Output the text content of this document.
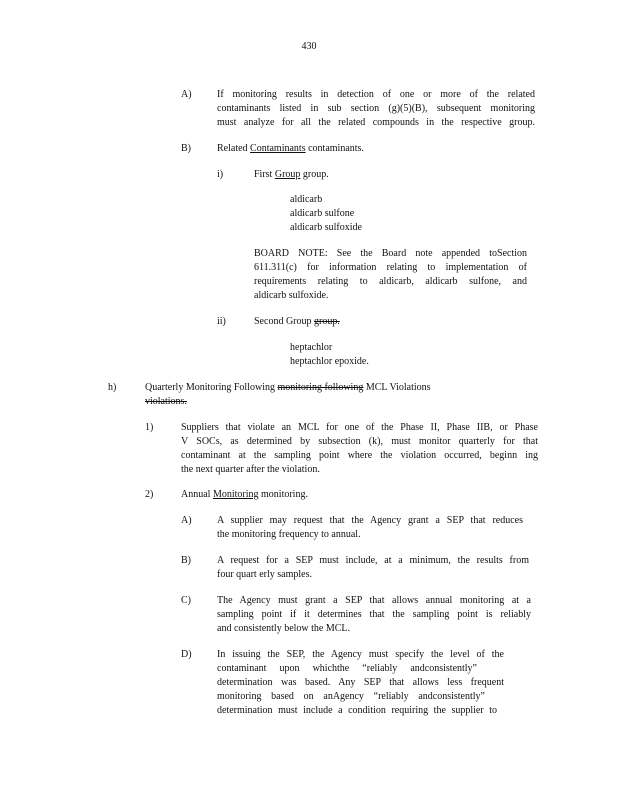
430
A)	If monitoring results in detection of one or more of the related
contaminants listed in sub section (g)(5)(B), subsequent monitoring
must analyze for all the related compounds in the respective group.
B)	Related Contaminants contaminants.
i)	First Group group.
aldicarb
aldicarb sulfone
aldicarb sulfoxide
BOARD NOTE: See the Board note appended toSection
611.311(c) for information relating to implementation of
requirements relating to aldicarb, aldicarb sulfone, and
aldicarb sulfoxide.
ii)	Second Group group.
heptachlor
heptachlor epoxide.
h)	Quarterly Monitoring Following monitoring following MCL Violations
violations.
1)	Suppliers that violate an MCL for one of the Phase II, Phase IIB, or Phase
V SOCs, as determined by subsection (k), must monitor quarterly for that
contaminant at the sampling point where the violation occurred, beginn ing
the next quarter after the violation.
2)	Annual Monitoring monitoring.
A)	A supplier may request that the Agency grant a SEP that reduces
the monitoring frequency to annual.
B)	A request for a SEP must include, at a minimum, the results from
four quart erly samples.
C)	The Agency must grant a SEP that allows annual monitoring at a
sampling point if it determines that the sampling point is reliably
and consistently below the MCL.
D)	In issuing the SEP, the Agency must specify the level of the
contaminant upon whichthe “reliably andconsistently”
determination was based. Any SEP that allows less frequent
monitoring based on anAgency “reliably andconsistently”
determination must include a condition requiring the supplier to
